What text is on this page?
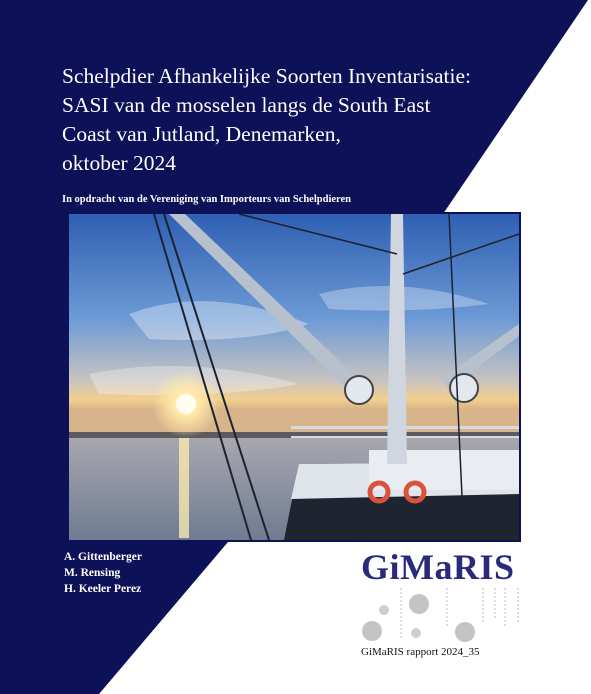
Schelpdier Afhankelijke Soorten Inventarisatie:
SASI van de mosselen langs de South East
Coast van Jutland, Denemarken,
oktober 2024
In opdracht van de Vereniging van Importeurs van Schelpdieren
A. Gittenberger
M. Rensing
H. Keeler Perez
GiMaRIS
GiMaRIS rapport 2024_35
